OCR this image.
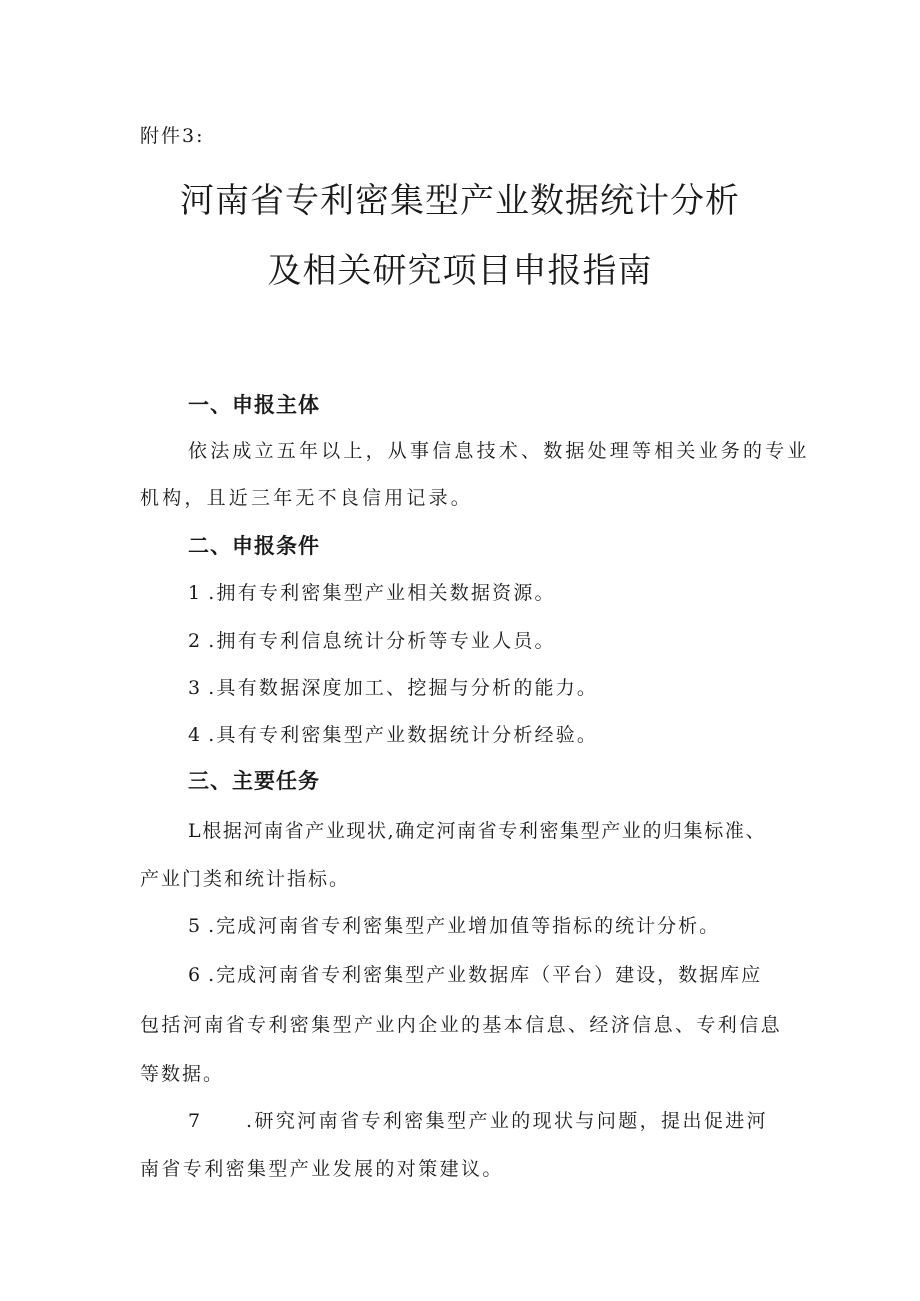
附件3:
河南省专利密集型产业数据统计分析
及相关研究项目申报指南
一、申报主体
依法成立五年以上，从事信息技术、数据处理等相关业务的专业
机构，且近三年无不良信用记录。
二、申报条件
1 .拥有专利密集型产业相关数据资源。
2 .拥有专利信息统计分析等专业人员。
3 .具有数据深度加工、挖掘与分析的能力。
4 .具有专利密集型产业数据统计分析经验。
三、主要任务
L根据河南省产业现状,确定河南省专利密集型产业的归集标准、
产业门类和统计指标。
5 .完成河南省专利密集型产业增加值等指标的统计分析。
6 .完成河南省专利密集型产业数据库（平台）建设，数据库应
包括河南省专利密集型产业内企业的基本信息、经济信息、专利信息
等数据。
7 .研究河南省专利密集型产业的现状与问题，提出促进河
南省专利密集型产业发展的对策建议。
